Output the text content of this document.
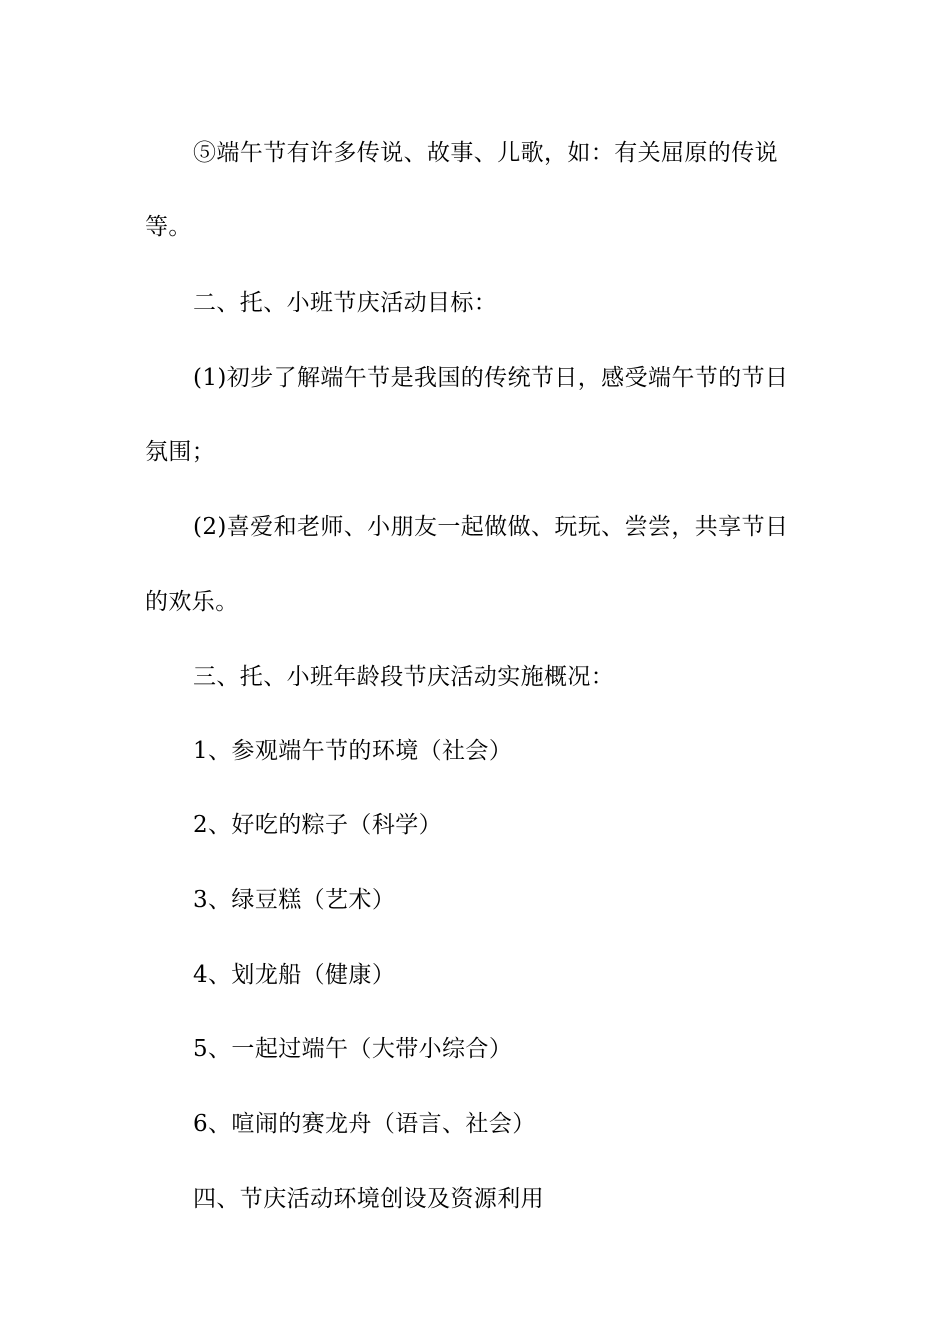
⑤端午节有许多传说、故事、儿歌，如：有关屈原的传说
等。
二、托、小班节庆活动目标：
(1)初步了解端午节是我国的传统节日，感受端午节的节日
氛围；
(2)喜爱和老师、小朋友一起做做、玩玩、尝尝，共享节日
的欢乐。
三、托、小班年龄段节庆活动实施概况：
1、参观端午节的环境（社会）
2、好吃的粽子（科学）
3、绿豆糕（艺术）
4、划龙船（健康）
5、一起过端午（大带小综合）
6、喧闹的赛龙舟（语言、社会）
四、节庆活动环境创设及资源利用
